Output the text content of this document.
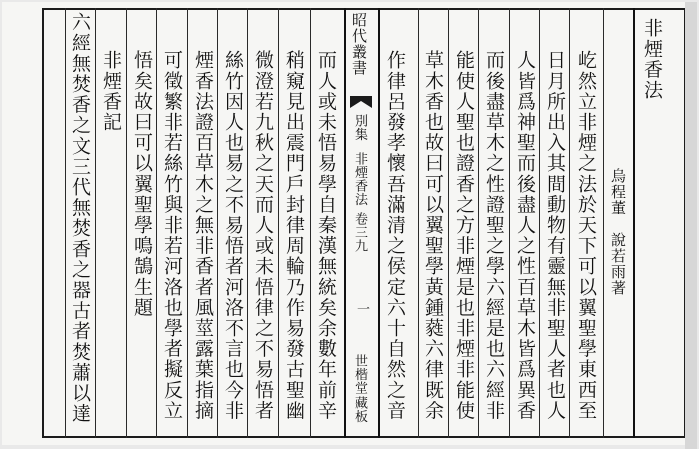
非煙香法
烏程董　說若雨著
屹然立非煙之法於天下可以翼聖學東西至
日月所出入其間動物有靈無非聖人者也人
人皆爲神聖而後盡人之性百草木皆爲異香
而後盡草木之性證聖之學六經是也六經非
能使人聖也證香之方非煙是也非煙非能使
草木香也故曰可以翼聖學黃鍾蕤六律既余
作律呂發孝懷吾滿清之侯定六十自然之音
昭代叢書
別集
非煙香法
卷三九
一
世楷堂
藏板
而人或未悟易學自秦漢無統矣余數年前辛
稍窺見出震門戶封律周輪乃作易發古聖幽
微澄若九秋之天而人或未悟律之不易悟者
絲竹因人也易之不易悟者河洛不言也今非
煙香法證百草木之無非香者風莖露葉指摘
可徵繁非若絲竹與非若河洛也學者擬反立
悟矣故曰可以翼聖學鳴鵠生題
非煙香記
六經無焚香之文三代無焚香之器古者焚蕭以達
